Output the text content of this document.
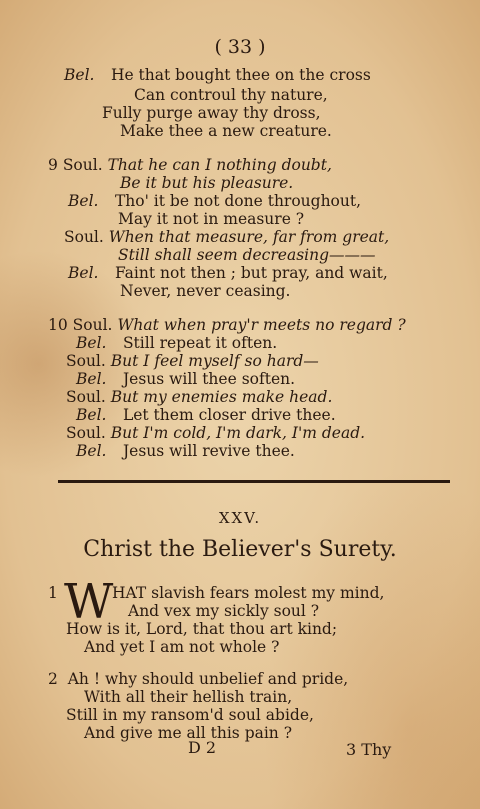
( 33 )
Bel. He that bought thee on the cross
Can controul thy nature,
Fully purge away thy dross,
Make thee a new creature.
9 Soul. That he can I nothing doubt,
Be it but his pleasure.
Bel. Tho' it be not done throughout,
May it not in measure ?
Soul. When that measure, far from great,
Still shall seem decreasing———
Bel. Faint not then ; but pray, and wait,
Never, never ceasing.
10 Soul. What when pray'r meets no regard ?
Bel. Still repeat it often.
Soul. But I feel myself so hard—
Bel. Jesus will thee soften.
Soul. But my enemies make head.
Bel. Let them closer drive thee.
Soul. But I'm cold, I'm dark, I'm dead.
Bel. Jesus will revive thee.
XXV.
Christ the Believer's Surety.
1 W
HAT slavish fears molest my mind,
And vex my sickly soul ?
How is it, Lord, that thou art kind;
And yet I am not whole ?
2 Ah ! why should unbelief and pride,
With all their hellish train,
Still in my ransom'd soul abide,
And give me all this pain ?
D 2	3 Thy
